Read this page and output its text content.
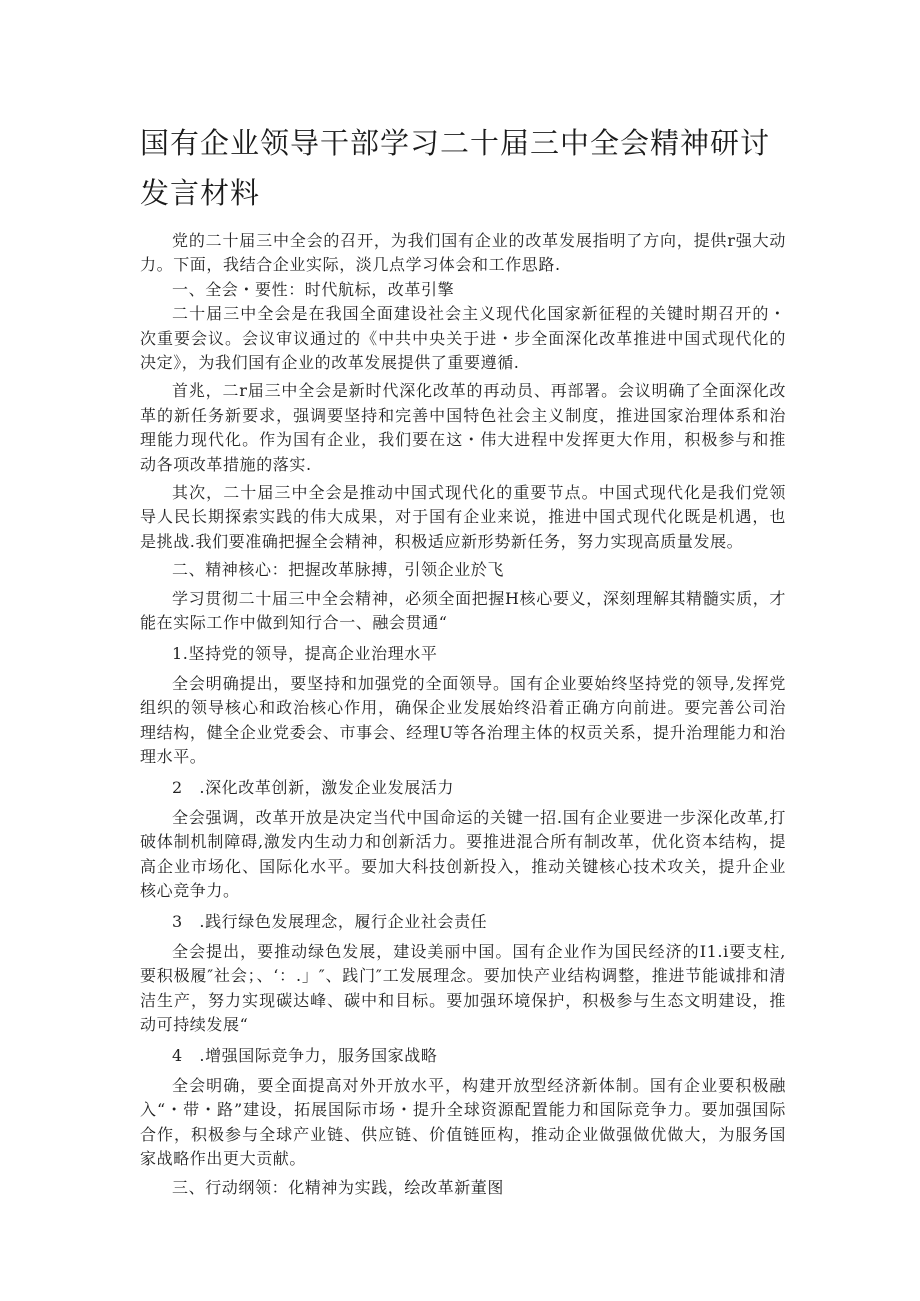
国有企业领导干部学习二十届三中全会精神研讨发言材料

党的二十届三中全会的召开，为我们国有企业的改革发展指明了方向，提供r强大动力。下面，我结合企业实际，淡几点学习体会和工作思路.

一、全会・要性：时代航标，改革引擎

二十届三中全会是在我国全面建设社会主义现代化国家新征程的关键时期召开的・次重要会议。会议审议通过的《中共中央关于进・步全面深化改革推进中国式现代化的决定》，为我们国有企业的改革发展提供了重要遵循.

首兆，二r届三中全会是新时代深化改革的再动员、再部署。会议明确了全面深化改革的新任务新要求，强调要坚持和完善中国特色社会主义制度，推进国家治理体系和治理能力现代化。作为国有企业，我们要在这・伟大进程中发挥更大作用，积极参与和推动各项改革措施的落实.

其次，二十届三中全会是推动中国式现代化的重要节点。中国式现代化是我们党领导人民长期探索实践的伟大成果，对于国有企业来说，推进中国式现代化既是机遇，也是挑战.我们要准确把握全会精神，积极适应新形势新任务，努力实现高质量发展。

二、精神核心：把握改革脉搏，引领企业於飞

学习贯彻二十届三中全会精神，必须全面把握H核心要义，深刻理解其精髓实质，才能在实际工作中做到知行合一、融会贯通“

1.坚持党的领导，提高企业治理水平

全会明确提出，要坚持和加强党的全面领导。国有企业要始终坚持党的领导,发挥党组织的领导核心和政治核心作用，确保企业发展始终沿着正确方向前进。要完善公司治理结构，健全企业党委会、市事会、经理U等各治理主体的权贡关系，提升治理能力和治理水平。

2　.深化改革创新，激发企业发展活力

全会强调，改革开放是决定当代中国命运的关键一招.国有企业要进一步深化改革,打破体制机制障碍,激发内生动力和创新活力。要推进混合所有制改革，优化资本结构，提高企业市场化、国际化水平。要加大科技创新投入，推动关键核心技术攻关，提升企业核心竞争力。

3　.践行绿色发展理念，履行企业社会责任

全会提出，要推动绿色发展，建设美丽中国。国有企业作为国民经济的I1.i要支柱,要积极履″社会；、‘：.」″、践门″工发展理念。要加快产业结构调整，推进节能诚排和清洁生产，努力实现碳达峰、碳中和目标。要加强环境保护，积极参与生态文明建设，推动可持续发展“

4　.增强国际竞争力，服务国家战略

全会明确，要全面提高对外开放水平，构建开放型经济新体制。国有企业要积极融入“・带・路”建设，拓展国际市场・提升全球资源配置能力和国际竞争力。要加强国际合作，积极参与全球产业链、供应链、价值链匝构，推动企业做强做优做大，为服务国家战略作出更大贡献。

三、行动纲领：化精神为实践，绘改革新董图
